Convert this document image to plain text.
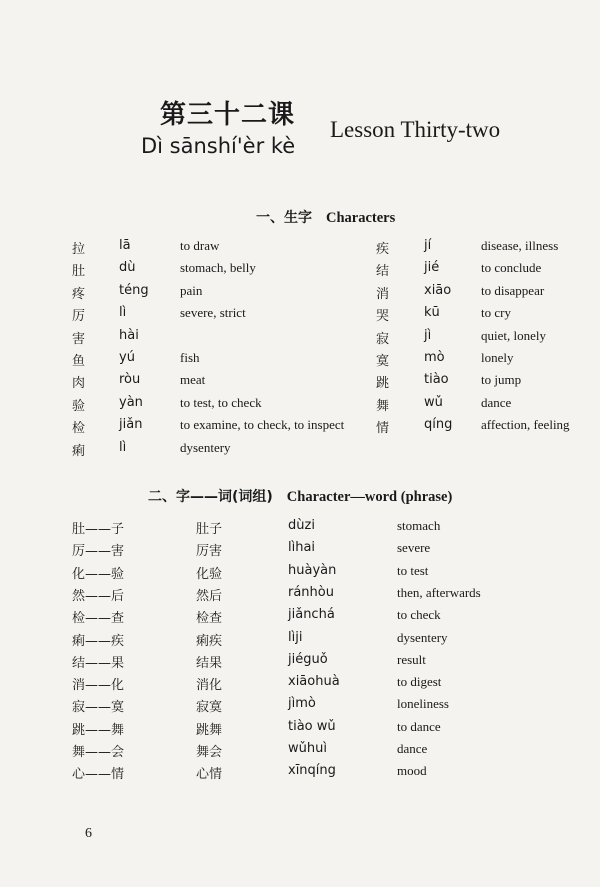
第三十二课
Dì sānshí'èr kè
Lesson Thirty-two
一、生字 Characters
拉	lā	to draw
肚	dù	stomach, belly
疼	téng pain
厉	lì	severe, strict
害	hài
鱼	yú	fish
肉	ròu	meat
验	yàn	to test, to check
检	jiǎn	to examine, to check, to inspect
痢	lì	dysentery
疾	jí	disease, illness
结	jié	to conclude
消	xiāo to disappear
哭	kū	to cry
寂	jì	quiet, lonely
寞	mò	lonely
跳	tiào to jump
舞	wǔ	dance
情	qíng affection, feeling
二、字——词(词组) Character—word (phrase)
肚——子	肚子	dùzi	stomach
厉——害	厉害	lìhai	severe
化——验	化验	huàyàn	to test
然——后	然后	ránhòu	then, afterwards
检——查	检查	jiǎnchá	to check
痢——疾	痢疾	lìji	dysentery
结——果	结果	jiéguǒ	result
消——化	消化	xiāohuà	to digest
寂——寞	寂寞	jìmò	loneliness
跳——舞	跳舞	tiào wǔ	to dance
舞——会	舞会	wǔhuì	dance
心——情	心情	xīnqíng	mood
6
